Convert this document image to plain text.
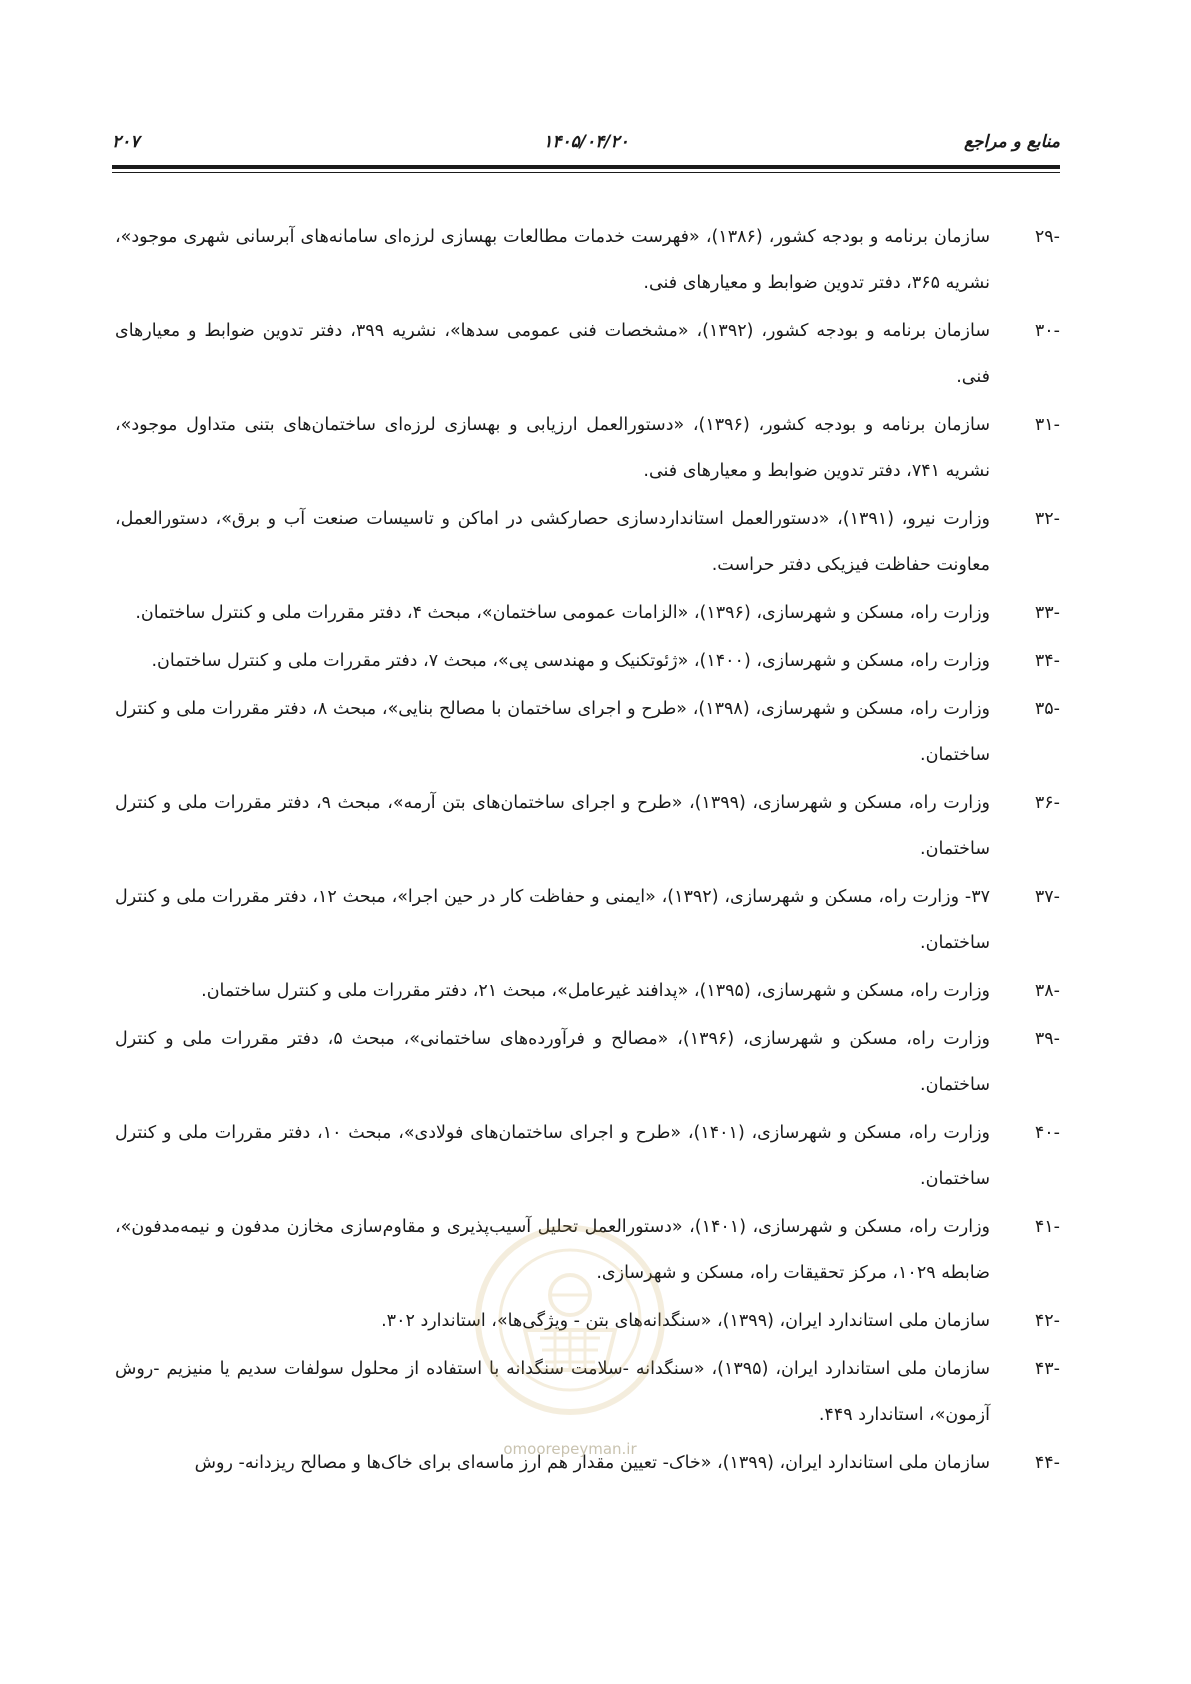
منابع و مراجع
۱۴۰۵/۰۴/۲۰
۲۰۷
-۲۹
سازمان برنامه و بودجه کشور، (۱۳۸۶)، «فهرست خدمات مطالعات بهسازی لرزه‌ای سامانه‌های آبرسانی شهری موجود»، نشریه ۳۶۵، دفتر تدوین ضوابط و معیارهای فنی.
-۳۰
سازمان برنامه و بودجه کشور، (۱۳۹۲)، «مشخصات فنی عمومی سدها»، نشریه ۳۹۹، دفتر تدوین ضوابط و معیارهای فنی.
-۳۱
سازمان برنامه و بودجه کشور، (۱۳۹۶)، «دستورالعمل ارزیابی و بهسازی لرزه‌ای ساختمان‌های بتنی متداول موجود»، نشریه ۷۴۱، دفتر تدوین ضوابط و معیارهای فنی.
-۳۲
وزارت نیرو، (۱۳۹۱)، «دستورالعمل استانداردسازی حصارکشی در اماکن و تاسیسات صنعت آب و برق»، دستورالعمل، معاونت حفاظت فیزیکی دفتر حراست.
-۳۳
وزارت راه، مسکن و شهرسازی، (۱۳۹۶)، «الزامات عمومی ساختمان»، مبحث ۴، دفتر مقررات ملی و کنترل ساختمان.
-۳۴
وزارت راه، مسکن و شهرسازی، (۱۴۰۰)، «ژئوتکنیک و مهندسی پی»، مبحث ۷، دفتر مقررات ملی و کنترل ساختمان.
-۳۵
وزارت راه، مسکن و شهرسازی، (۱۳۹۸)، «طرح و اجرای ساختمان با مصالح بنایی»، مبحث ۸، دفتر مقررات ملی و کنترل ساختمان.
-۳۶
وزارت راه، مسکن و شهرسازی، (۱۳۹۹)، «طرح و اجرای ساختمان‌های بتن آرمه»، مبحث ۹، دفتر مقررات ملی و کنترل ساختمان.
-۳۷
۳۷- وزارت راه، مسکن و شهرسازی، (۱۳۹۲)، «ایمنی و حفاظت کار در حین اجرا»، مبحث ۱۲، دفتر مقررات ملی و کنترل ساختمان.
-۳۸
وزارت راه، مسکن و شهرسازی، (۱۳۹۵)، «پدافند غیرعامل»، مبحث ۲۱، دفتر مقررات ملی و کنترل ساختمان.
-۳۹
وزارت راه، مسکن و شهرسازی، (۱۳۹۶)، «مصالح و فرآورده‌های ساختمانی»، مبحث ۵، دفتر مقررات ملی و کنترل ساختمان.
-۴۰
وزارت راه، مسکن و شهرسازی، (۱۴۰۱)، «طرح و اجرای ساختمان‌های فولادی»، مبحث ۱۰، دفتر مقررات ملی و کنترل ساختمان.
-۴۱
وزارت راه، مسکن و شهرسازی، (۱۴۰۱)، «دستورالعمل تحلیل آسیب‌پذیری و مقاوم‌سازی مخازن مدفون و نیمه‌مدفون»، ضابطه ۱۰۲۹، مرکز تحقیقات راه، مسکن و شهرسازی.
-۴۲
سازمان ملی استاندارد ایران، (۱۳۹۹)، «سنگدانه‌های بتن - ویژگی‌ها»، استاندارد ۳۰۲.
-۴۳
سازمان ملی استاندارد ایران، (۱۳۹۵)، «سنگدانه -سلامت سنگدانه با استفاده از محلول سولفات سدیم یا منیزیم -روش آزمون»، استاندارد ۴۴۹.
-۴۴
سازمان ملی استاندارد ایران، (۱۳۹۹)، «خاک- تعیین مقدار هم ارز ماسه‌ای برای خاک‌ها و مصالح ریزدانه- روش
omoorepeyman.ir
